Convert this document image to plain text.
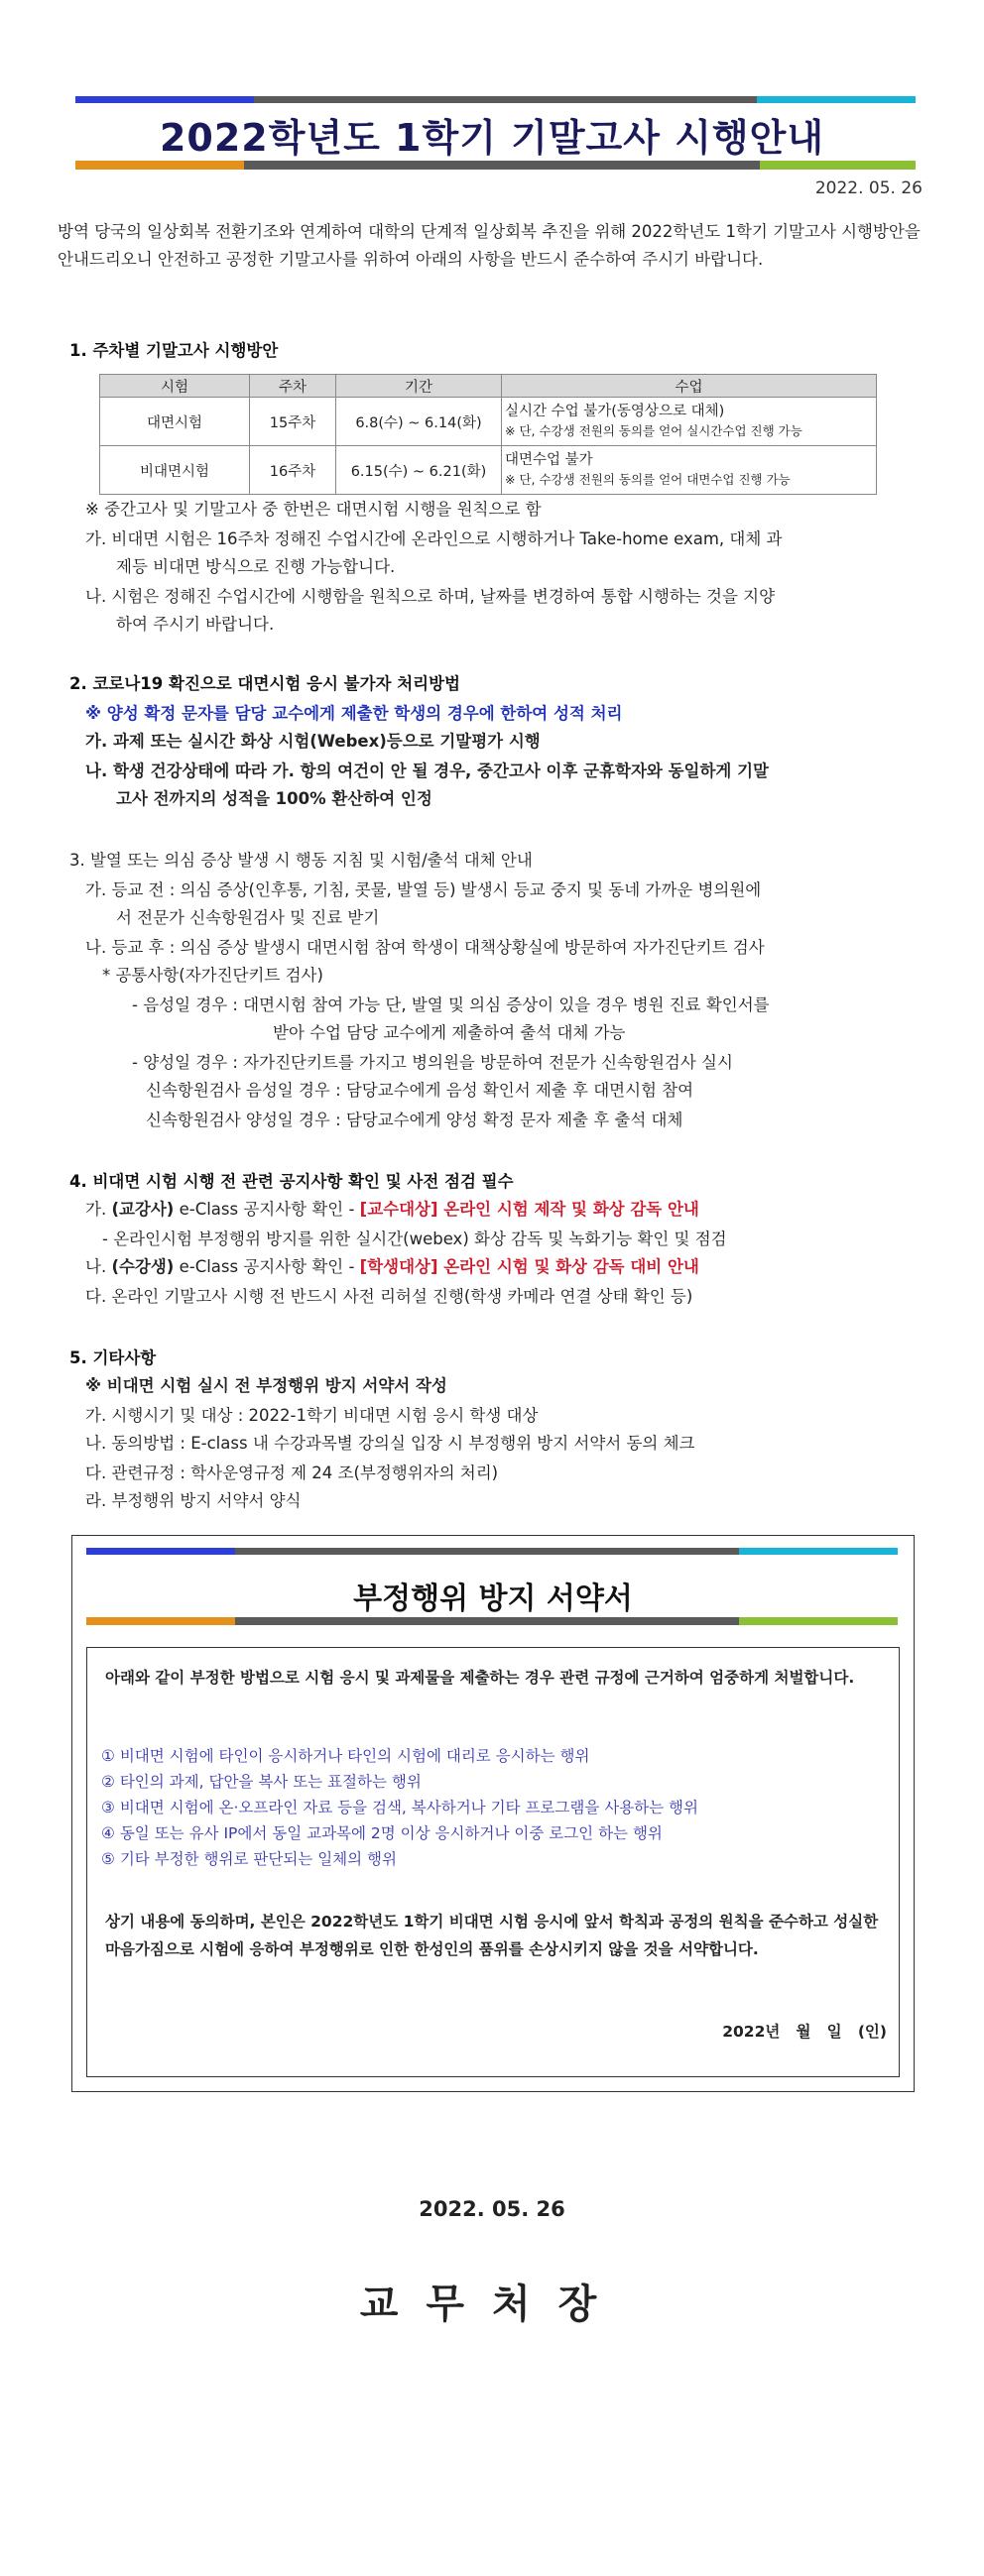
2022학년도 1학기 기말고사 시행안내
2022. 05. 26

방역 당국의 일상회복 전환기조와 연계하여 대학의 단계적 일상회복 추진을 위해 2022학년도 1학기 기말고사 시행방안을 안내드리오니 안전하고 공정한 기말고사를 위하여 아래의 사항을 반드시 준수하여 주시기 바랍니다.

1. 주차별 기말고사 시행방안
시험	주차	기간	수업
대면시험	15주차	6.8(수) ~ 6.14(화)	실시간 수업 불가(동영상으로 대체)
※ 단, 수강생 전원의 동의를 얻어 실시간수업 진행 가능

비대면시험	16주차	6.15(수) ~ 6.21(화)	대면수업 불가
※ 단, 수강생 전원의 동의를 얻어 대면수업 진행 가능
※ 중간고사 및 기말고사 중 한번은 대면시험 시행을 원칙으로 함
가. 비대면 시험은 16주차 정해진 수업시간에 온라인으로 시행하거나 Take-home exam, 대체 과
제등 비대면 방식으로 진행 가능합니다.
나. 시험은 정해진 수업시간에 시행함을 원칙으로 하며, 날짜를 변경하여 통합 시행하는 것을 지양
하여 주시기 바랍니다.
2. 코로나19 확진으로 대면시험 응시 불가자 처리방법
※ 양성 확정 문자를 담당 교수에게 제출한 학생의 경우에 한하여 성적 처리
가. 과제 또는 실시간 화상 시험(Webex)등으로 기말평가 시행
나. 학생 건강상태에 따라 가. 항의 여건이 안 될 경우, 중간고사 이후 군휴학자와 동일하게 기말
고사 전까지의 성적을 100% 환산하여 인정
3. 발열 또는 의심 증상 발생 시 행동 지침 및 시험/출석 대체 안내
가. 등교 전 : 의심 증상(인후통, 기침, 콧물, 발열 등) 발생시 등교 중지 및 동네 가까운 병의원에
서 전문가 신속항원검사 및 진료 받기
나. 등교 후 : 의심 증상 발생시 대면시험 참여 학생이 대책상황실에 방문하여 자가진단키트 검사
* 공통사항(자가진단키트 검사)
- 음성일 경우 : 대면시험 참여 가능 단, 발열 및 의심 증상이 있을 경우 병원 진료 확인서를
받아 수업 담당 교수에게 제출하여 출석 대체 가능
- 양성일 경우 : 자가진단키트를 가지고 병의원을 방문하여 전문가 신속항원검사 실시
신속항원검사 음성일 경우 : 담당교수에게 음성 확인서 제출 후 대면시험 참여
신속항원검사 양성일 경우 : 담당교수에게 양성 확정 문자 제출 후 출석 대체
4. 비대면 시험 시행 전 관련 공지사항 확인 및 사전 점검 필수
가. (교강사) e-Class 공지사항 확인 - [교수대상] 온라인 시험 제작 및 화상 감독 안내
- 온라인시험 부정행위 방지를 위한 실시간(webex) 화상 감독 및 녹화기능 확인 및 점검
나. (수강생) e-Class 공지사항 확인 - [학생대상] 온라인 시험 및 화상 감독 대비 안내
다. 온라인 기말고사 시행 전 반드시 사전 리허설 진행(학생 카메라 연결 상태 확인 등)
5. 기타사항
※ 비대면 시험 실시 전 부정행위 방지 서약서 작성
가. 시행시기 및 대상 : 2022-1학기 비대면 시험 응시 학생 대상
나. 동의방법 : E-class 내 수강과목별 강의실 입장 시 부정행위 방지 서약서 동의 체크
다. 관련규정 : 학사운영규정 제 24 조(부정행위자의 처리)
라. 부정행위 방지 서약서 양식
부정행위 방지 서약서

아래와 같이 부정한 방법으로 시험 응시 및 과제물을 제출하는 경우 관련 규정에 근거하여 엄중하게 처벌합니다.

① 비대면 시험에 타인이 응시하거나 타인의 시험에 대리로 응시하는 행위
② 타인의 과제, 답안을 복사 또는 표절하는 행위
③ 비대면 시험에 온·오프라인 자료 등을 검색, 복사하거나 기타 프로그램을 사용하는 행위
④ 동일 또는 유사 IP에서 동일 교과목에 2명 이상 응시하거나 이중 로그인 하는 행위
⑤ 기타 부정한 행위로 판단되는 일체의 행위

상기 내용에 동의하며, 본인은 2022학년도 1학기 비대면 시험 응시에 앞서 학칙과 공정의 원칙을 준수하고 성실한 마음가짐으로 시험에 응하여 부정행위로 인한 한성인의 품위를 손상시키지 않을 것을 서약합니다.

2022년   월   일   (인)
2022. 05. 26
교무처장
